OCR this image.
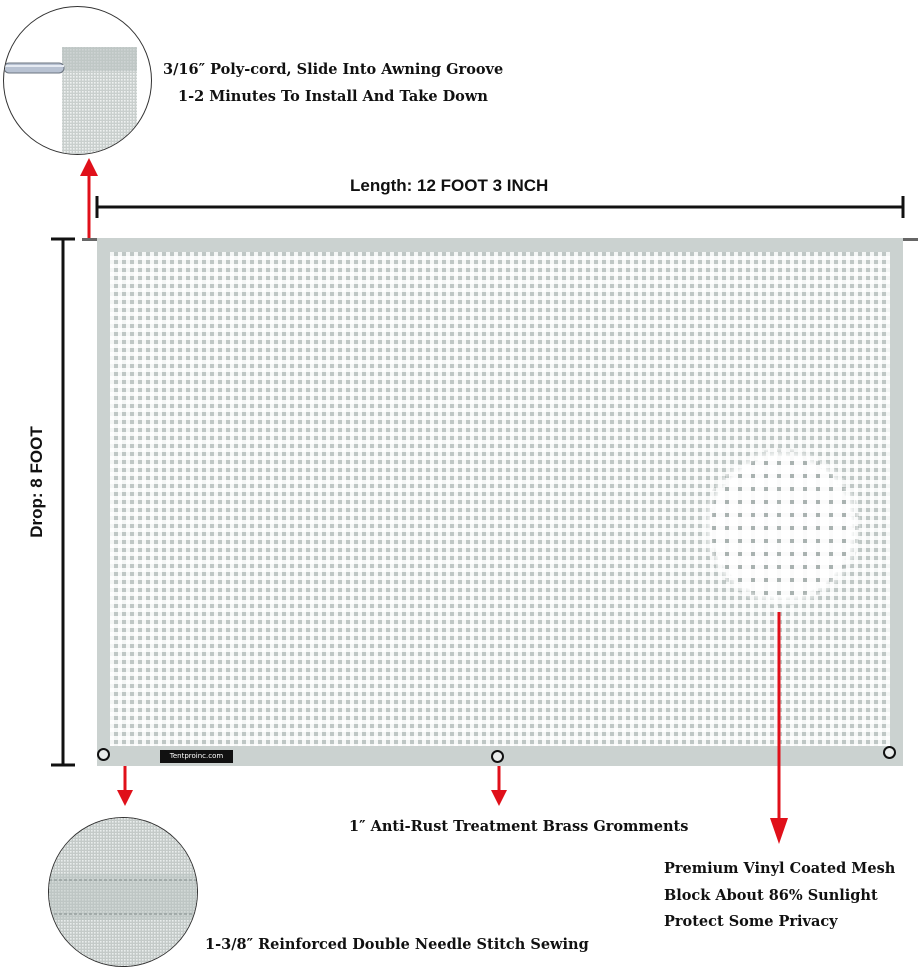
3/16″ Poly-cord, Slide Into Awning Groove
1-2 Minutes To Install And Take Down
Length: 12 FOOT 3 INCH
Drop: 8 FOOT
Tentproinc.com
1″ Anti-Rust Treatment Brass Gromments
Premium Vinyl Coated Mesh
Block About 86% Sunlight
Protect Some Privacy
1-3/8″ Reinforced Double Needle Stitch Sewing
